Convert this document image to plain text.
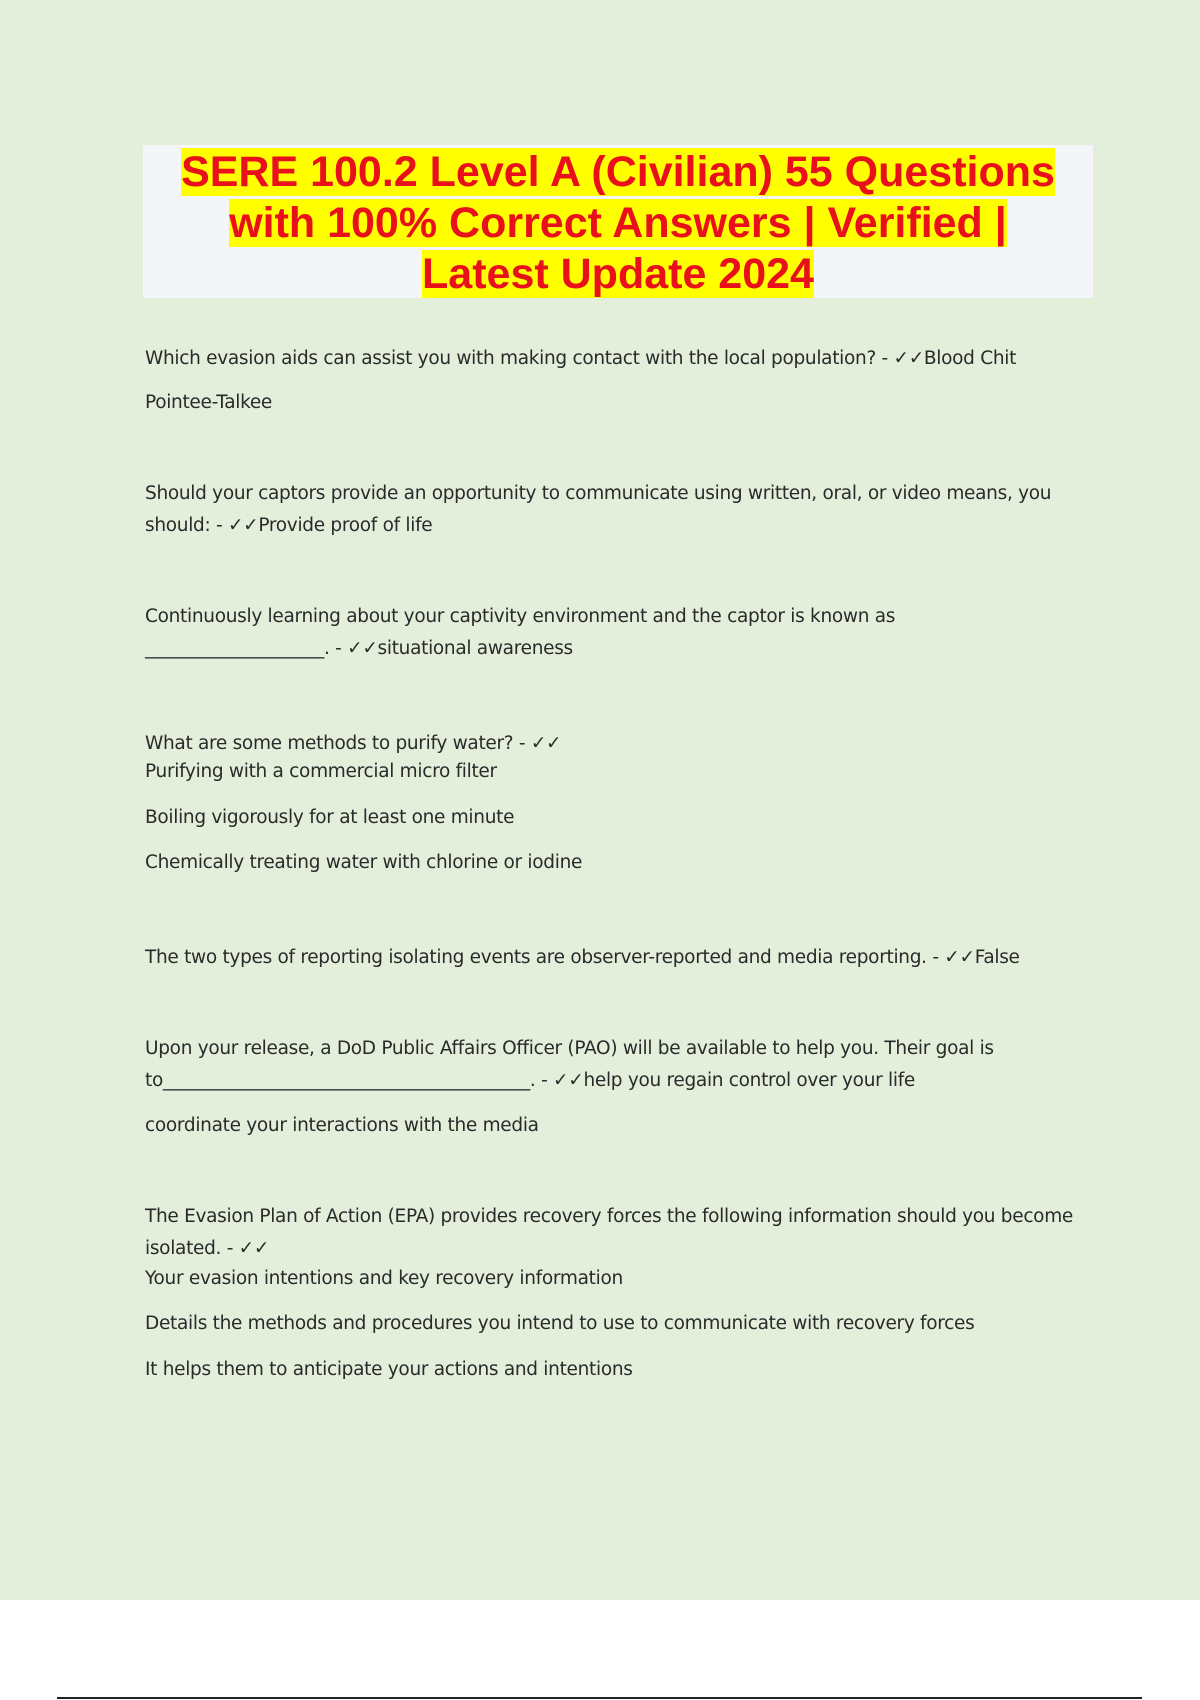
SERE 100.2 Level A (Civilian) 55 Questions
with 100% Correct Answers | Verified |
Latest Update 2024
Which evasion aids can assist you with making contact with the local population? - ✓✓Blood Chit
Pointee-Talkee
Should your captors provide an opportunity to communicate using written, oral, or video means, you
should: - ✓✓Provide proof of life
Continuously learning about your captivity environment and the captor is known as
____________________. - ✓✓situational awareness
What are some methods to purify water? - ✓✓
Purifying with a commercial micro filter
Boiling vigorously for at least one minute
Chemically treating water with chlorine or iodine
The two types of reporting isolating events are observer-reported and media reporting. - ✓✓False
Upon your release, a DoD Public Affairs Officer (PAO) will be available to help you. Their goal is
to_________________________________________. - ✓✓help you regain control over your life
coordinate your interactions with the media
The Evasion Plan of Action (EPA) provides recovery forces the following information should you become
isolated. - ✓✓
Your evasion intentions and key recovery information
Details the methods and procedures you intend to use to communicate with recovery forces
It helps them to anticipate your actions and intentions
